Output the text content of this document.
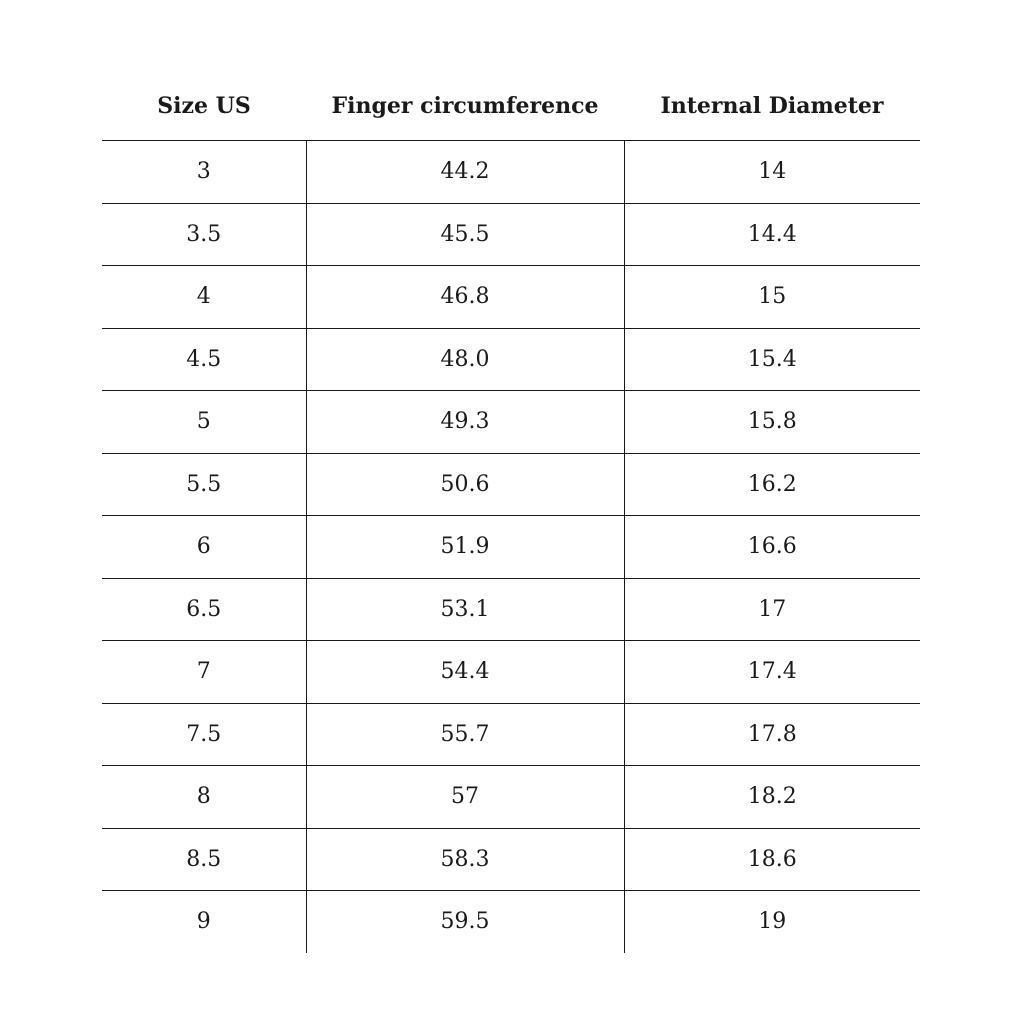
Size US	Finger circumference	Internal Diameter
3	44.2	14
3.5	45.5	14.4
4	46.8	15
4.5	48.0	15.4
5	49.3	15.8
5.5	50.6	16.2
6	51.9	16.6
6.5	53.1	17
7	54.4	17.4
7.5	55.7	17.8
8	57	18.2
8.5	58.3	18.6
9	59.5	19
